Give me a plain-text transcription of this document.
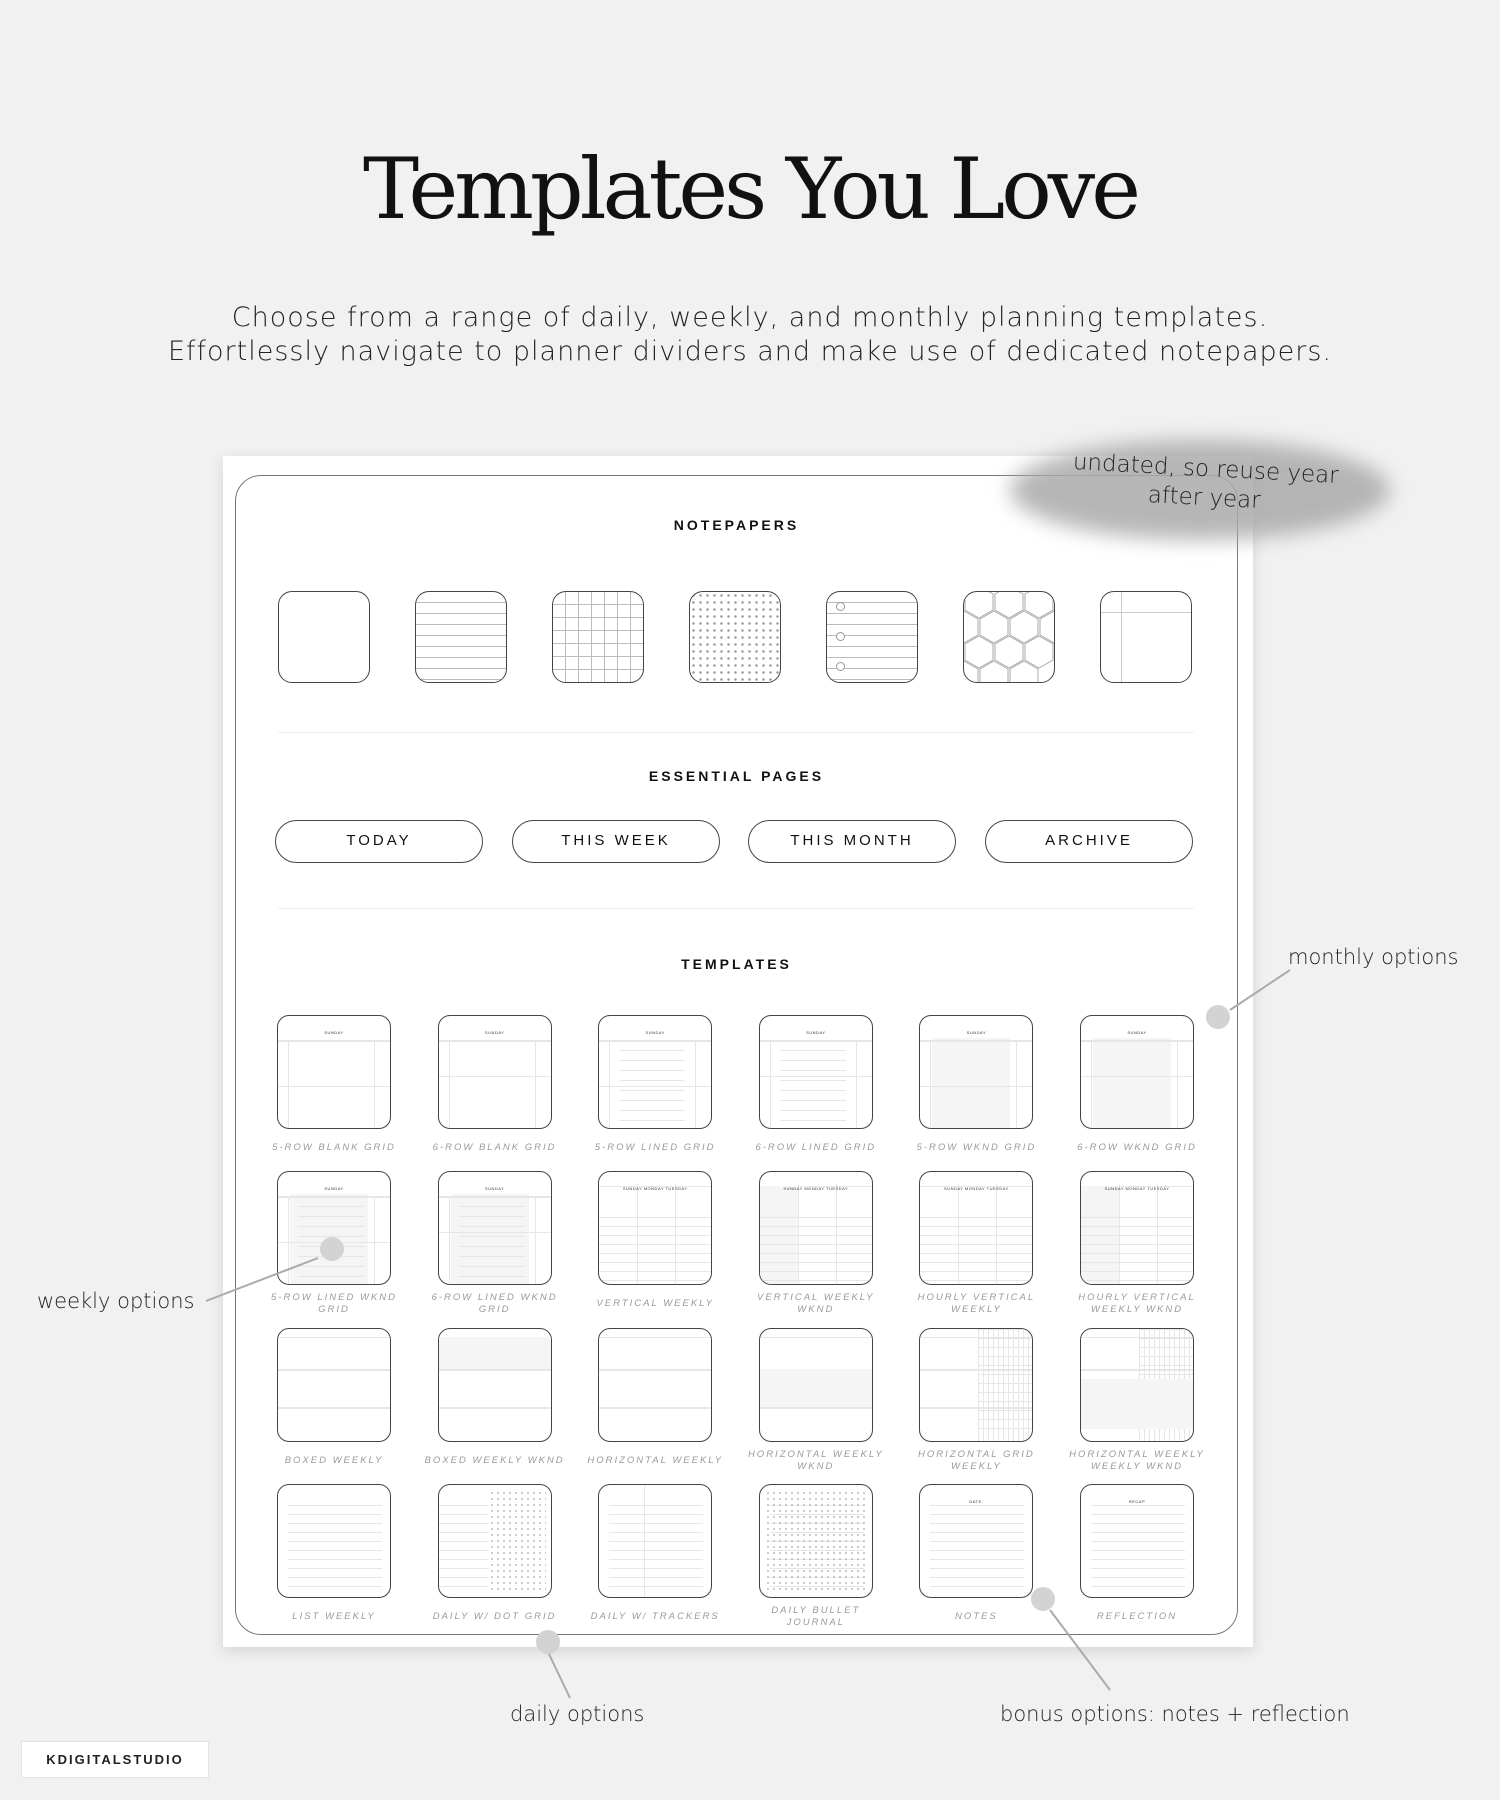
Templates You Love
Choose from a range of daily, weekly, and monthly planning templates.
Effortlessly navigate to planner dividers and make use of dedicated notepapers.
undated, so reuse year after year
NOTEPAPERS
ESSENTIAL PAGES
TODAY	THIS WEEK	THIS MONTH	ARCHIVE
TEMPLATES
SUNDAY
5-ROW BLANK GRID
SUNDAY
6-ROW BLANK GRID
SUNDAY
5-ROW LINED GRID
SUNDAY
6-ROW LINED GRID
SUNDAY
5-ROW WKND GRID
SUNDAY
6-ROW WKND GRID
SUNDAY
5-ROW LINED WKND GRID
SUNDAY
6-ROW LINED WKND GRID
SUNDAY MONDAY TUESDAY
VERTICAL WEEKLY
SUNDAY MONDAY TUESDAY
VERTICAL WEEKLY WKND
SUNDAY MONDAY TUESDAY
HOURLY VERTICAL WEEKLY
SUNDAY MONDAY TUESDAY
HOURLY VERTICAL WEEKLY WKND
BOXED WEEKLY	BOXED WEEKLY WKND	HORIZONTAL WEEKLY
HORIZONTAL WEEKLY WKND
HORIZONTAL GRID WEEKLY
HORIZONTAL WEEKLY WEEKLY WKND
LIST WEEKLY	DAILY W/ DOT GRID	DAILY W/ TRACKERS
DAILY BULLET JOURNAL
DATE:
NOTES
RECAP
REFLECTION
monthly options
weekly options
daily options	bonus options: notes + reflection
KDIGITALSTUDIO
